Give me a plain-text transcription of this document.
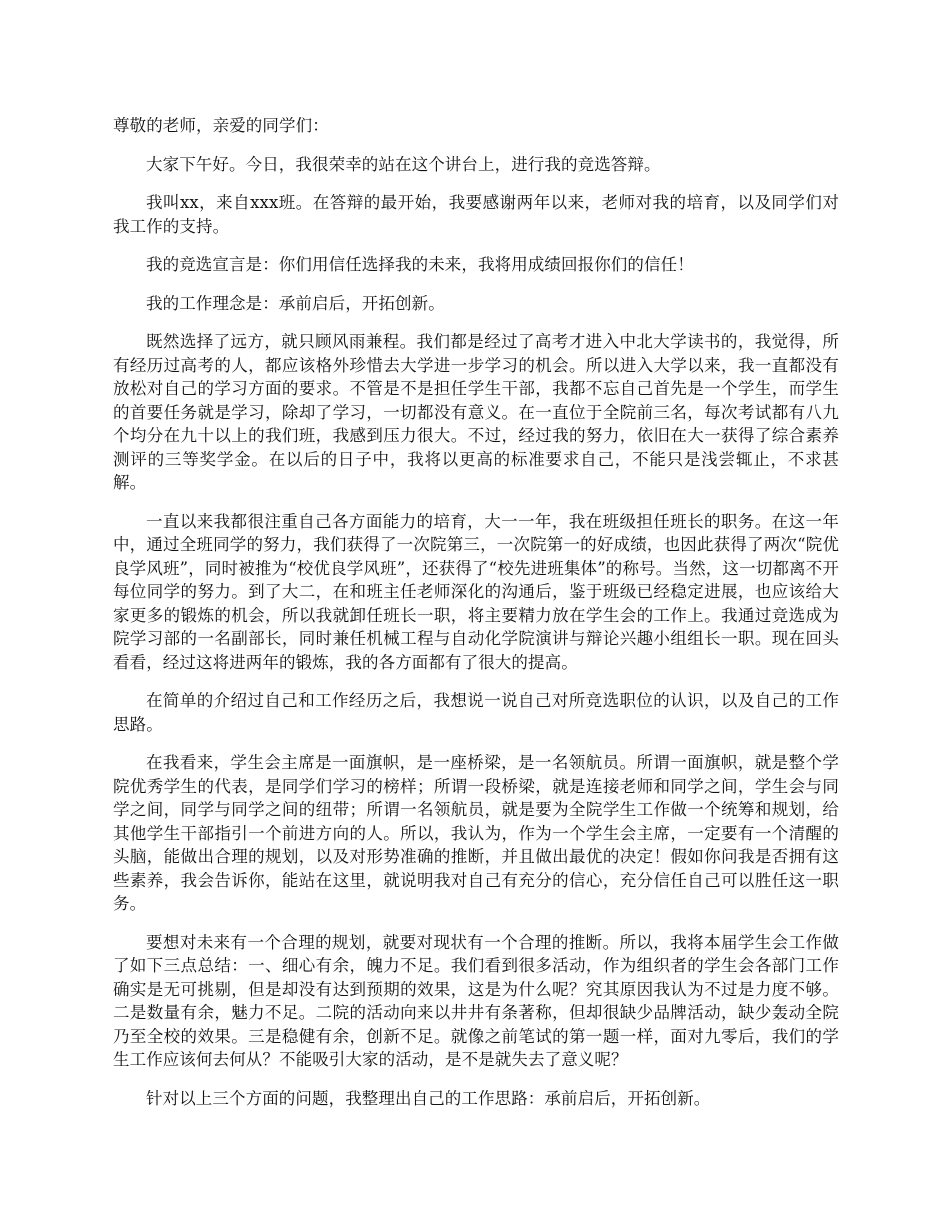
尊敬的老师，亲爱的同学们：

大家下午好。今日，我很荣幸的站在这个讲台上，进行我的竞选答辩。

我叫xx，来自xxx班。在答辩的最开始，我要感谢两年以来，老师对我的培育，以及同学们对我工作的支持。

我的竞选宣言是：你们用信任选择我的未来，我将用成绩回报你们的信任！

我的工作理念是：承前启后，开拓创新。

既然选择了远方，就只顾风雨兼程。我们都是经过了高考才进入中北大学读书的，我觉得，所有经历过高考的人，都应该格外珍惜去大学进一步学习的机会。所以进入大学以来，我一直都没有放松对自己的学习方面的要求。不管是不是担任学生干部，我都不忘自己首先是一个学生，而学生的首要任务就是学习，除却了学习，一切都没有意义。在一直位于全院前三名，每次考试都有八九个均分在九十以上的我们班，我感到压力很大。不过，经过我的努力，依旧在大一获得了综合素养测评的三等奖学金。在以后的日子中，我将以更高的标准要求自己，不能只是浅尝辄止，不求甚解。

一直以来我都很注重自己各方面能力的培育，大一一年，我在班级担任班长的职务。在这一年中，通过全班同学的努力，我们获得了一次院第三，一次院第一的好成绩，也因此获得了两次“院优良学风班”，同时被推为“校优良学风班”，还获得了“校先进班集体”的称号。当然，这一切都离不开每位同学的努力。到了大二，在和班主任老师深化的沟通后，鉴于班级已经稳定进展，也应该给大家更多的锻炼的机会，所以我就卸任班长一职，将主要精力放在学生会的工作上。我通过竞选成为院学习部的一名副部长，同时兼任机械工程与自动化学院演讲与辩论兴趣小组组长一职。现在回头看看，经过这将进两年的锻炼，我的各方面都有了很大的提高。

在简单的介绍过自己和工作经历之后，我想说一说自己对所竞选职位的认识，以及自己的工作思路。

在我看来，学生会主席是一面旗帜，是一座桥梁，是一名领航员。所谓一面旗帜，就是整个学院优秀学生的代表，是同学们学习的榜样；所谓一段桥梁，就是连接老师和同学之间，学生会与同学之间，同学与同学之间的纽带；所谓一名领航员，就是要为全院学生工作做一个统筹和规划，给其他学生干部指引一个前进方向的人。所以，我认为，作为一个学生会主席，一定要有一个清醒的头脑，能做出合理的规划，以及对形势准确的推断，并且做出最优的决定！假如你问我是否拥有这些素养，我会告诉你，能站在这里，就说明我对自己有充分的信心，充分信任自己可以胜任这一职务。

要想对未来有一个合理的规划，就要对现状有一个合理的推断。所以，我将本届学生会工作做了如下三点总结：一、细心有余，魄力不足。我们看到很多活动，作为组织者的学生会各部门工作确实是无可挑剔，但是却没有达到预期的效果，这是为什么呢？究其原因我认为不过是力度不够。二是数量有余，魅力不足。二院的活动向来以井井有条著称，但却很缺少品牌活动，缺少轰动全院乃至全校的效果。三是稳健有余，创新不足。就像之前笔试的第一题一样，面对九零后，我们的学生工作应该何去何从？不能吸引大家的活动，是不是就失去了意义呢？

针对以上三个方面的问题，我整理出自己的工作思路：承前启后，开拓创新。
